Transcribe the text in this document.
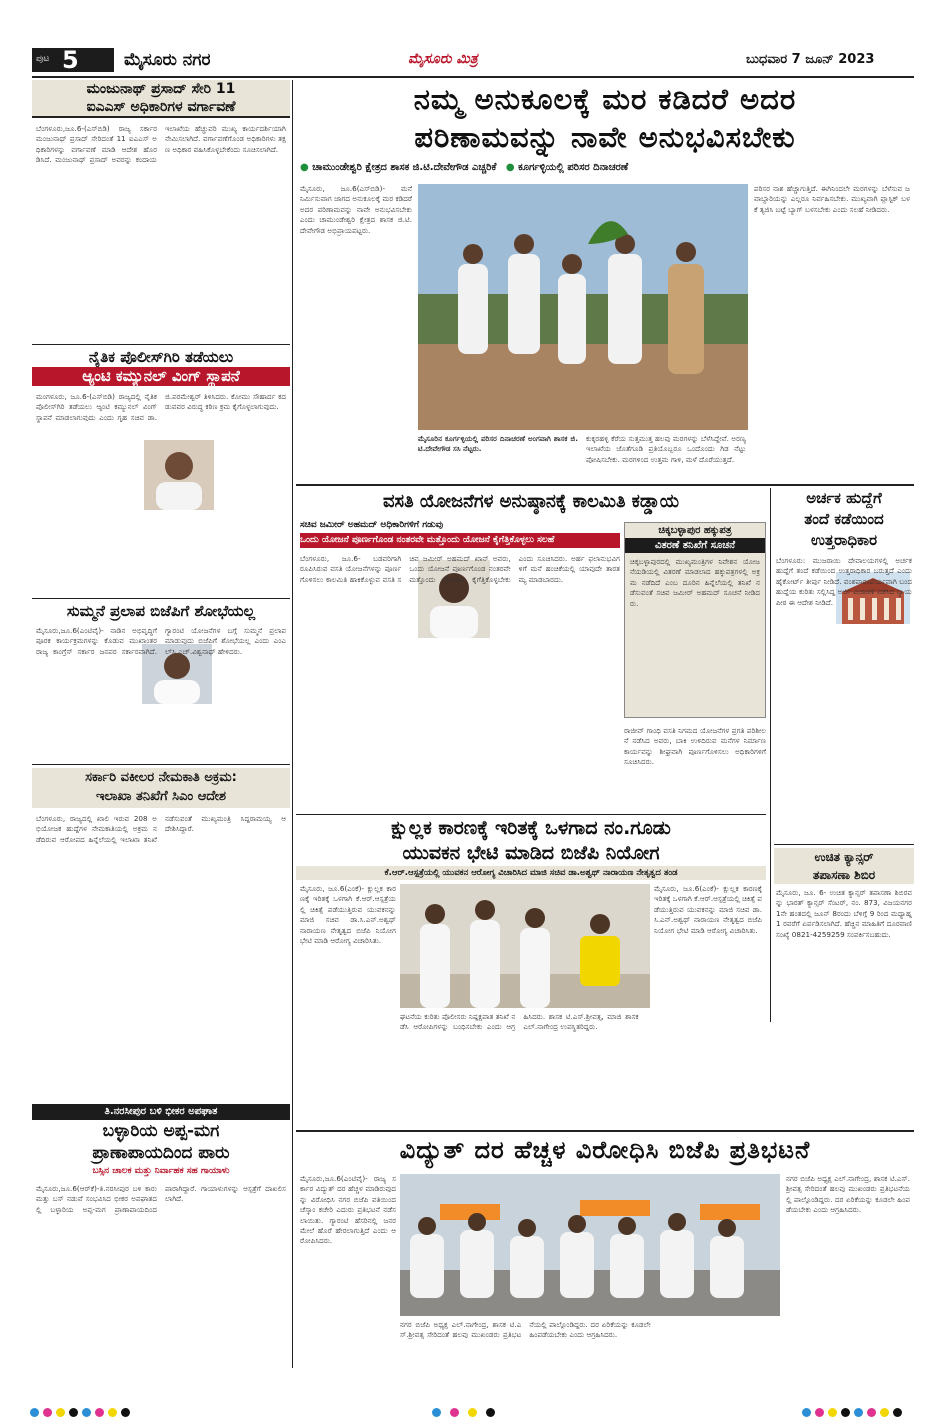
ಪುಟ 5	ಮೈಸೂರು ನಗರ	ಮೈಸೂರು ಮಿತ್ರ	ಬುಧವಾರ 7 ಜೂನ್ 2023
ಮಂಜುನಾಥ್ ಪ್ರಸಾದ್ ಸೇರಿ 11
ಐಎಎಸ್ ಅಧಿಕಾರಿಗಳ ವರ್ಗಾವಣೆ
ಬೆಂಗಳೂರು,ಜೂ.6-(ಎಸ್‌ಬಿಡಿ) ರಾಜ್ಯ ಸರ್ಕಾರ ಮಂಜುನಾಥ್ ಪ್ರಸಾದ್ ಸೇರಿದಂತೆ 11 ಐಎಎಸ್ ಅಧಿಕಾರಿಗಳನ್ನು ವರ್ಗಾವಣೆ ಮಾಡಿ ಆದೇಶ ಹೊರಡಿಸಿದೆ. ಮಂಜುನಾಥ್ ಪ್ರಸಾದ್ ಅವರನ್ನು ಕಂದಾಯ ಇಲಾಖೆಯ ಹೆಚ್ಚುವರಿ ಮುಖ್ಯ ಕಾರ್ಯದರ್ಶಿಯಾಗಿ ನೇಮಿಸಲಾಗಿದೆ. ವರ್ಗಾವಣೆಗೊಂಡ ಅಧಿಕಾರಿಗಳು ತಕ್ಷಣ ಅಧಿಕಾರ ವಹಿಸಿಕೊಳ್ಳಬೇಕೆಂದು ಸೂಚಿಸಲಾಗಿದೆ.
ನೈತಿಕ ಪೊಲೀಸ್‌ಗಿರಿ ತಡೆಯಲು
ಆ್ಯಂಟಿ ಕಮ್ಯುನಲ್ ವಿಂಗ್ ಸ್ಥಾಪನೆ
ಮಂಗಳೂರು, ಜೂ.6-(ಎಸ್‌ಬಿಡಿ) ರಾಜ್ಯದಲ್ಲಿ ನೈತಿಕ ಪೊಲೀಸ್‌ಗಿರಿ ತಡೆಯಲು ಆ್ಯಂಟಿ ಕಮ್ಯುನಲ್ ವಿಂಗ್ ಸ್ಥಾಪನೆ ಮಾಡಲಾಗುವುದು ಎಂದು ಗೃಹ ಸಚಿವ ಡಾ.ಜಿ.ಪರಮೇಶ್ವರ್ ತಿಳಿಸಿದರು. ಕೋಮು ಸೌಹಾರ್ದ ಕದಡುವವರ ವಿರುದ್ಧ ಕಠಿಣ ಕ್ರಮ ಕೈಗೊಳ್ಳಲಾಗುವುದು.
ಸುಮ್ಮನೆ ಪ್ರಲಾಪ ಬಿಜೆಪಿಗೆ ಶೋಭೆಯಲ್ಲ
ಮೈಸೂರು,ಜೂ.6(ಎಂಟಿವೈ)- ನಾಡಿನ ಅಭಿವೃದ್ಧಿಗೆ ಪೂರಕ ಕಾರ್ಯಕ್ರಮಗಳನ್ನು ಕೊಡುವ ಮುಖಾಂತರ ರಾಜ್ಯ ಕಾಂಗ್ರೆಸ್ ಸರ್ಕಾರ ಜನಪರ ಸರ್ಕಾರವಾಗಿದೆ. ಗ್ಯಾರಂಟಿ ಯೋಜನೆಗಳ ಬಗ್ಗೆ ಸುಮ್ಮನೆ ಪ್ರಲಾಪ ಮಾಡುವುದು ಬಿಜೆಪಿಗೆ ಶೋಭೆಯಲ್ಲ ಎಂದು ಎಂಎಲ್‌ಸಿ ಎಚ್.ವಿಶ್ವನಾಥ್ ಹೇಳಿದರು.
ಸರ್ಕಾರಿ ವಕೀಲರ ನೇಮಕಾತಿ ಅಕ್ರಮ:
ಇಲಾಖಾ ತನಿಖೆಗೆ ಸಿಎಂ ಆದೇಶ
ಬೆಂಗಳೂರು, ರಾಜ್ಯದಲ್ಲಿ ಖಾಲಿ ಇರುವ 208 ಅಭಿಯೋಜಕ ಹುದ್ದೆಗಳ ನೇಮಕಾತಿಯಲ್ಲಿ ಅಕ್ರಮ ನಡೆದಿರುವ ಆರೋಪದ ಹಿನ್ನೆಲೆಯಲ್ಲಿ ಇಲಾಖಾ ತನಿಖೆ ನಡೆಸುವಂತೆ ಮುಖ್ಯಮಂತ್ರಿ ಸಿದ್ದರಾಮಯ್ಯ ಆದೇಶಿಸಿದ್ದಾರೆ.
ತಿ.ನರಸೀಪುರ ಬಳಿ ಭೀಕರ ಅಪಘಾತ
ಬಳ್ಳಾರಿಯ ಅಪ್ಪ-ಮಗ
ಪ್ರಾಣಾಪಾಯದಿಂದ ಪಾರು
ಬಸ್ಸಿನ ಚಾಲಕ ಮತ್ತು ನಿರ್ವಾಹಕ ಸಹ ಗಾಯಾಳು
ಮೈಸೂರು,ಜೂ.6(ಆರ್‌ಕೆ)-ತಿ.ನರಸೀಪುರ ಬಳಿ ಕಾರು ಮತ್ತು ಬಸ್ ನಡುವೆ ಸಂಭವಿಸಿದ ಭೀಕರ ಅಪಘಾತದಲ್ಲಿ ಬಳ್ಳಾರಿಯ ಅಪ್ಪ-ಮಗ ಪ್ರಾಣಾಪಾಯದಿಂದ ಪಾರಾಗಿದ್ದಾರೆ. ಗಾಯಾಳುಗಳನ್ನು ಆಸ್ಪತ್ರೆಗೆ ದಾಖಲಿಸಲಾಗಿದೆ.
ನಮ್ಮ ಅನುಕೂಲಕ್ಕೆ ಮರ ಕಡಿದರೆ ಅದರ
ಪರಿಣಾಮವನ್ನು ನಾವೇ ಅನುಭವಿಸಬೇಕು
● ಚಾಮುಂಡೇಶ್ವರಿ ಕ್ಷೇತ್ರದ ಶಾಸಕ ಜಿ.ಟಿ.ದೇವೇಗೌಡ ಎಚ್ಚರಿಕೆ ● ಕೂರ್ಗಳ್ಳಿಯಲ್ಲಿ ಪರಿಸರ ದಿನಾಚರಣೆ
ಮೈಸೂರು, ಜೂ.6(ಎಸ್‌ಬಿಡಿ)- ಮನೆ ನಿರ್ಮಿಸುವಾಗ ಜಾಗದ ಅನುಕೂಲಕ್ಕೆ ಮರ ಕಡಿದರೆ ಅದರ ಪರಿಣಾಮವನ್ನು ನಾವೇ ಅನುಭವಿಸಬೇಕು ಎಂದು ಚಾಮುಂಡೇಶ್ವರಿ ಕ್ಷೇತ್ರದ ಶಾಸಕ ಜಿ.ಟಿ.ದೇವೇಗೌಡ ಅಭಿಪ್ರಾಯಪಟ್ಟರು.
ಮೈಸೂರಿನ ಕೂರ್ಗಳ್ಳಿಯಲ್ಲಿ ಪರಿಸರ ದಿನಾಚರಣೆ ಅಂಗವಾಗಿ ಶಾಸಕ ಜಿ.ಟಿ.ದೇವೇಗೌಡ ಸಸಿ ನೆಟ್ಟರು.
ಕುಕ್ಕರಹಳ್ಳಿ ಕೆರೆಯ ಸುತ್ತಮುತ್ತ ಹಲವು ಮರಗಳನ್ನು ಬೆಳೆಸಿದ್ದೇವೆ. ಅರಣ್ಯ ಇಲಾಖೆಯ ಜೊತೆಗೂಡಿ ಪ್ರತಿಯೊಬ್ಬರೂ ಒಂದೊಂದು ಗಿಡ ನೆಟ್ಟು ಪೋಷಿಸಬೇಕು. ಮರಗಳಿಂದ ಉತ್ತಮ ಗಾಳಿ, ಮಳೆ ದೊರೆಯುತ್ತದೆ.
ಪರಿಸರ ನಾಶ ಹೆಚ್ಚಾಗುತ್ತಿದೆ. ಈಗಿನಿಂದಲೇ ಮರಗಳನ್ನು ಬೆಳೆಸುವ ಜವಾಬ್ದಾರಿಯನ್ನು ಎಲ್ಲರೂ ನಿರ್ವಹಿಸಬೇಕು. ಮುಖ್ಯವಾಗಿ ಪ್ಲಾಸ್ಟಿಕ್ ಬಳಕೆ ತ್ಯಜಿಸಿ ಬಟ್ಟೆ ಬ್ಯಾಗ್ ಬಳಸಬೇಕು ಎಂದು ಸಲಹೆ ನೀಡಿದರು.
ವಸತಿ ಯೋಜನೆಗಳ ಅನುಷ್ಠಾನಕ್ಕೆ ಕಾಲಮಿತಿ ಕಡ್ಡಾಯ
ಸಚಿವ ಜಮೀರ್ ಅಹಮದ್ ಅಧಿಕಾರಿಗಳಿಗೆ ಗಡುವು
ಒಂದು ಯೋಜನೆ ಪೂರ್ಣಗೊಂಡ ನಂತರವೇ ಮತ್ತೊಂದು ಯೋಜನೆ ಕೈಗೆತ್ತಿಕೊಳ್ಳಲು ಸಲಹೆ
ಬೆಂಗಳೂರು, ಜೂ.6- ಬಡವರಿಗಾಗಿ ರೂಪಿಸಿರುವ ವಸತಿ ಯೋಜನೆಗಳನ್ನು ಪೂರ್ಣಗೊಳಿಸಲು ಕಾಲಮಿತಿ ಹಾಕಿಕೊಳ್ಳುವ ವಸತಿ ಸಚಿವ ಜಮೀರ್ ಅಹಮದ್ ಖಾನ್ ಅವರು, ಒಂದು ಯೋಜನೆ ಪೂರ್ಣಗೊಂಡ ನಂತರವೇ ಮತ್ತೊಂದು ಯೋಜನೆ ಕೈಗೆತ್ತಿಕೊಳ್ಳಬೇಕು ಎಂದು ಸೂಚಿಸಿದರು. ಅರ್ಹ ಫಲಾನುಭವಿಗಳಿಗೆ ಮನೆ ಹಂಚಿಕೆಯಲ್ಲಿ ಯಾವುದೇ ತಾರತಮ್ಯ ಮಾಡಬಾರದು.
ಚಿಕ್ಕಬಳ್ಳಾಪುರ ಹಕ್ಕುಪತ್ರ
ವಿತರಣೆ ತನಿಖೆಗೆ ಸೂಚನೆ
ಚಿಕ್ಕಬಳ್ಳಾಪುರದಲ್ಲಿ ಮುಖ್ಯಮಂತ್ರಿಗಳ ನಿವೇಶನ ಯೋಜನೆಯಡಿಯಲ್ಲಿ ವಿತರಣೆ ಮಾಡಲಾದ ಹಕ್ಕುಪತ್ರಗಳಲ್ಲಿ ಅಕ್ರಮ ನಡೆದಿದೆ ಎಂಬ ದೂರಿನ ಹಿನ್ನೆಲೆಯಲ್ಲಿ ತನಿಖೆ ನಡೆಸುವಂತೆ ಸಚಿವ ಜಮೀರ್ ಅಹಮದ್ ಸೂಚನೆ ನೀಡಿದರು.
ರಾಜೀವ್ ಗಾಂಧಿ ವಸತಿ ನಿಗಮದ ಯೋಜನೆಗಳ ಪ್ರಗತಿ ಪರಿಶೀಲನೆ ನಡೆಸಿದ ಅವರು, ಬಾಕಿ ಉಳಿದಿರುವ ಮನೆಗಳ ನಿರ್ಮಾಣ ಕಾರ್ಯವನ್ನು ಶೀಘ್ರವಾಗಿ ಪೂರ್ಣಗೊಳಿಸಲು ಅಧಿಕಾರಿಗಳಿಗೆ ಸೂಚಿಸಿದರು.
ಅರ್ಚಕ ಹುದ್ದೆಗೆ
ತಂದೆ ಕಡೆಯಿಂದ
ಉತ್ತರಾಧಿಕಾರ
ಬೆಂಗಳೂರು: ಮುಜರಾಯಿ ದೇವಾಲಯಗಳಲ್ಲಿ ಅರ್ಚಕ ಹುದ್ದೆಗೆ ತಂದೆ ಕಡೆಯಿಂದ ಉತ್ತರಾಧಿಕಾರ ಬರುತ್ತದೆ ಎಂದು ಹೈಕೋರ್ಟ್ ತೀರ್ಪು ನೀಡಿದೆ. ವಂಶಪಾರಂಪರ್ಯವಾಗಿ ಬಂದ ಹುದ್ದೆಯ ಕುರಿತು ಸಲ್ಲಿಸಿದ್ದ ಅರ್ಜಿ ವಿಚಾರಣೆ ನಡೆಸಿದ ನ್ಯಾಯಪೀಠ ಈ ಆದೇಶ ನೀಡಿದೆ.
ಉಚಿತ ಕ್ಯಾನ್ಸರ್
ತಪಾಸಣಾ ಶಿಬಿರ
ಮೈಸೂರು, ಜೂ. 6- ಉಚಿತ ಕ್ಯಾನ್ಸರ್ ತಪಾಸಣಾ ಶಿಬಿರವನ್ನು ಭಾರತ್ ಕ್ಯಾನ್ಸರ್ ಸೆಂಟರ್, ನಂ. 873, ವಿಜಯನಗರ 1ನೇ ಹಂತದಲ್ಲಿ ಜೂನ್ 8ರಂದು ಬೆಳಿಗ್ಗೆ 9 ರಿಂದ ಮಧ್ಯಾಹ್ನ 1 ರವರೆಗೆ ಏರ್ಪಡಿಸಲಾಗಿದೆ. ಹೆಚ್ಚಿನ ಮಾಹಿತಿಗೆ ದೂರವಾಣಿ ಸಂಖ್ಯೆ 0821-4259259 ಸಂಪರ್ಕಿಸಬಹುದು.
ಕ್ಷುಲ್ಲಕ ಕಾರಣಕ್ಕೆ ಇರಿತಕ್ಕೆ ಒಳಗಾದ ನಂ.ಗೂಡು
ಯುವಕನ ಭೇಟಿ ಮಾಡಿದ ಬಿಜೆಪಿ ನಿಯೋಗ
ಕೆ.ಆರ್.ಆಸ್ಪತ್ರೆಯಲ್ಲಿ ಯುವಕನ ಆರೋಗ್ಯ ವಿಚಾರಿಸಿದ ಮಾಜಿ ಸಚಿವ ಡಾ.ಅಶ್ವಥ್ ನಾರಾಯಣ ನೇತೃತ್ವದ ತಂಡ
ಮೈಸೂರು, ಜೂ.6(ಎಂಕೆ)- ಕ್ಷುಲ್ಲಕ ಕಾರಣಕ್ಕೆ ಇರಿತಕ್ಕೆ ಒಳಗಾಗಿ ಕೆ.ಆರ್.ಆಸ್ಪತ್ರೆಯಲ್ಲಿ ಚಿಕಿತ್ಸೆ ಪಡೆಯುತ್ತಿರುವ ಯುವಕನನ್ನು ಮಾಜಿ ಸಚಿವ ಡಾ.ಸಿ.ಎನ್.ಅಶ್ವಥ್ ನಾರಾಯಣ ನೇತೃತ್ವದ ಬಿಜೆಪಿ ನಿಯೋಗ ಭೇಟಿ ಮಾಡಿ ಆರೋಗ್ಯ ವಿಚಾರಿಸಿತು.
ಘಟನೆಯ ಕುರಿತು ಪೊಲೀಸರು ನಿಷ್ಪಕ್ಷಪಾತ ತನಿಖೆ ನಡೆಸಿ ಆರೋಪಿಗಳನ್ನು ಬಂಧಿಸಬೇಕು ಎಂದು ಆಗ್ರಹಿಸಿದರು. ಶಾಸಕ ಟಿ.ಎಸ್.ಶ್ರೀವತ್ಸ, ಮಾಜಿ ಶಾಸಕ ಎಲ್.ನಾಗೇಂದ್ರ ಉಪಸ್ಥಿತರಿದ್ದರು.
ಮೈಸೂರು, ಜೂ.6(ಎಂಕೆ)- ಕ್ಷುಲ್ಲಕ ಕಾರಣಕ್ಕೆ ಇರಿತಕ್ಕೆ ಒಳಗಾಗಿ ಕೆ.ಆರ್.ಆಸ್ಪತ್ರೆಯಲ್ಲಿ ಚಿಕಿತ್ಸೆ ಪಡೆಯುತ್ತಿರುವ ಯುವಕನನ್ನು ಮಾಜಿ ಸಚಿವ ಡಾ.ಸಿ.ಎನ್.ಅಶ್ವಥ್ ನಾರಾಯಣ ನೇತೃತ್ವದ ಬಿಜೆಪಿ ನಿಯೋಗ ಭೇಟಿ ಮಾಡಿ ಆರೋಗ್ಯ ವಿಚಾರಿಸಿತು.
ವಿದ್ಯುತ್ ದರ ಹೆಚ್ಚಳ ವಿರೋಧಿಸಿ ಬಿಜೆಪಿ ಪ್ರತಿಭಟನೆ
ಮೈಸೂರು,ಜೂ.6(ಎಂಟಿವೈ)- ರಾಜ್ಯ ಸರ್ಕಾರ ವಿದ್ಯುತ್ ದರ ಹೆಚ್ಚಳ ಮಾಡಿರುವುದನ್ನು ವಿರೋಧಿಸಿ ನಗರ ಬಿಜೆಪಿ ವತಿಯಿಂದ ಚೆಸ್ಕಾಂ ಕಚೇರಿ ಎದುರು ಪ್ರತಿಭಟನೆ ನಡೆಸಲಾಯಿತು. ಗ್ಯಾರಂಟಿ ಹೆಸರಿನಲ್ಲಿ ಜನರ ಮೇಲೆ ಹೊರೆ ಹೇರಲಾಗುತ್ತಿದೆ ಎಂದು ಆರೋಪಿಸಿದರು.
ನಗರ ಬಿಜೆಪಿ ಅಧ್ಯಕ್ಷ ಎಲ್.ನಾಗೇಂದ್ರ, ಶಾಸಕ ಟಿ.ಎಸ್.ಶ್ರೀವತ್ಸ ಸೇರಿದಂತೆ ಹಲವು ಮುಖಂಡರು ಪ್ರತಿಭಟನೆಯಲ್ಲಿ ಪಾಲ್ಗೊಂಡಿದ್ದರು. ದರ ಏರಿಕೆಯನ್ನು ಕೂಡಲೇ ಹಿಂಪಡೆಯಬೇಕು ಎಂದು ಆಗ್ರಹಿಸಿದರು.
ನಗರ ಬಿಜೆಪಿ ಅಧ್ಯಕ್ಷ ಎಲ್.ನಾಗೇಂದ್ರ, ಶಾಸಕ ಟಿ.ಎಸ್.ಶ್ರೀವತ್ಸ ಸೇರಿದಂತೆ ಹಲವು ಮುಖಂಡರು ಪ್ರತಿಭಟನೆಯಲ್ಲಿ ಪಾಲ್ಗೊಂಡಿದ್ದರು. ದರ ಏರಿಕೆಯನ್ನು ಕೂಡಲೇ ಹಿಂಪಡೆಯಬೇಕು ಎಂದು ಆಗ್ರಹಿಸಿದರು.
